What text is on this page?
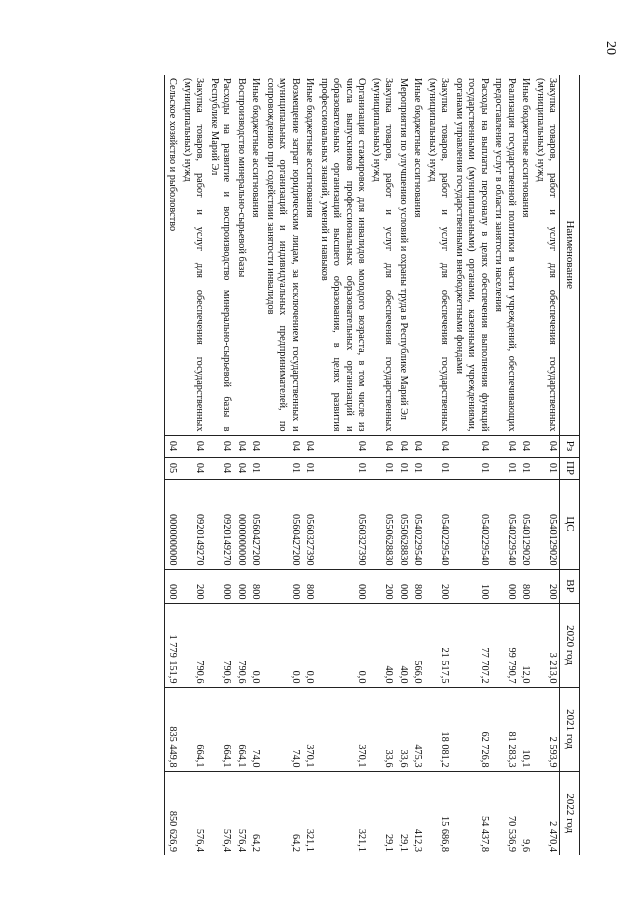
20
Наименование	Рз	ПР	ЦС	ВР	2020 год	2021 год	2022 год
Закупка товаров, работ и услуг для обеспечения государственных (муниципальных) нужд	04	01	0540129020	200	3 213,0	2 593,9	2 470,4
Иные бюджетные ассигнования	04	01	0540129020	800	12,0	10,1	9,6
Реализация государственной политики в части учреждений, обеспечивающих предоставление услуг в области занятости населения	04	01	0540229540	000	99 790,7	81 283,3	70 536,9
Расходы на выплаты персоналу в целях обеспечения выполнения функций государственными (муниципальными) органами, казенными учреждениями, органами управления государственными внебюджетными фондами	04	01	0540229540	100	77 707,2	62 726,8	54 437,8
Закупка товаров, работ и услуг для обеспечения государственных (муниципальных) нужд	04	01	0540229540	200	21 517,5	18 081,2	15 686,8
Иные бюджетные ассигнования	04	01	0540229540	800	566,0	475,3	412,3
Мероприятия по улучшению условий и охраны труда в Республике Марий Эл	04	01	0550628830	000	40,0	33,6	29,1
Закупка товаров, работ и услуг для обеспечения государственных (муниципальных) нужд	04	01	0550628830	200	40,0	33,6	29,1
Организация стажировок для инвалидов молодого возраста, в том числе из числа выпускников профессиональных образовательных организаций и образовательных организаций высшего образования, в целях развития профессиональных знаний, умений и навыков	04	01	0560327390	000	0,0	370,1	321,1
Иные бюджетные ассигнования	04	01	0560327390	800	0,0	370,1	321,1
Возмещение затрат юридическим лицам, за исключением государственных и муниципальных организаций и индивидуальных предпринимателей, по сопровождению при содействии занятости инвалидов	04	01	0560427200	000	0,0	74,0	64,2
Иные бюджетные ассигнования	04	01	0560427200	800	0,0	74,0	64,2
Воспроизводство минерально-сырьевой базы	04	04	0000000000	000	790,6	664,1	576,4
Расходы на развитие и воспроизводство минерально-сырьевой базы в Республике Марий Эл	04	04	0920149270	000	790,6	664,1	576,4
Закупка товаров, работ и услуг для обеспечения государственных (муниципальных) нужд	04	04	0920149270	200	790,6	664,1	576,4
Сельское хозяйство и рыболовство	04	05	0000000000	000	1 779 151,9	835 449,8	850 626,9
